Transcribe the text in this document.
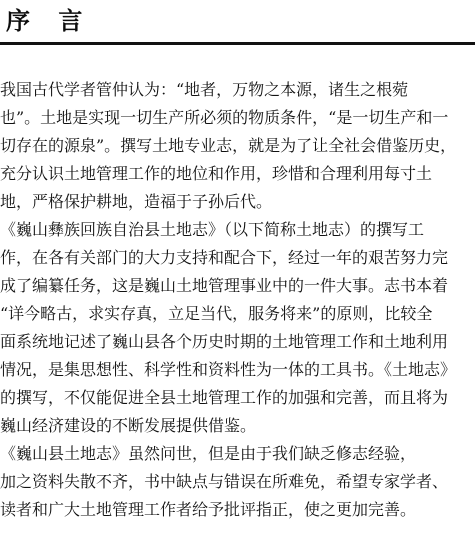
序 言
我国古代学者管仲认为：“地者，万物之本源，诸生之根菀
也”。土地是实现一切生产所必须的物质条件，“是一切生产和一
切存在的源泉”。撰写土地专业志，就是为了让全社会借鉴历史，
充分认识土地管理工作的地位和作用，珍惜和合理利用每寸土
地，严格保护耕地，造福于子孙后代。
《巍山彝族回族自治县土地志》（以下简称土地志）的撰写工
作，在各有关部门的大力支持和配合下，经过一年的艰苦努力完
成了编纂任务，这是巍山土地管理事业中的一件大事。志书本着
“详今略古，求实存真，立足当代，服务将来”的原则，比较全
面系统地记述了巍山县各个历史时期的土地管理工作和土地利用
情况，是集思想性、科学性和资料性为一体的工具书。《土地志》
的撰写，不仅能促进全县土地管理工作的加强和完善，而且将为
巍山经济建设的不断发展提供借鉴。
《巍山县土地志》虽然问世，但是由于我们缺乏修志经验，
加之资料失散不齐，书中缺点与错误在所难免，希望专家学者、
读者和广大土地管理工作者给予批评指正，使之更加完善。
